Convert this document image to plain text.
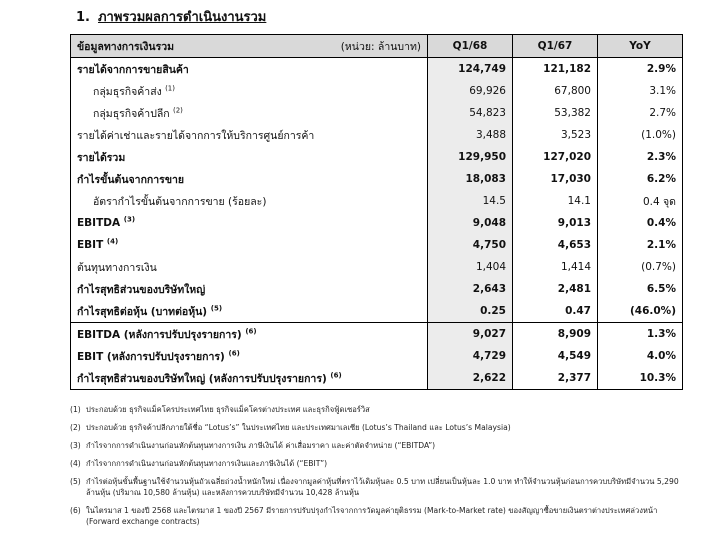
1. ภาพรวมผลการดำเนินงานรวม
ข้อมูลทางการเงินรวม (หน่วย: ล้านบาท)	Q1/68	Q1/67	YoY
รายได้จากการขายสินค้า	124,749	121,182	2.9%
กลุ่มธุรกิจค้าส่ง $^{(1)}$	69,926	67,800	3.1%
กลุ่มธุรกิจค้าปลีก $^{(2)}$	54,823	53,382	2.7%
รายได้ค่าเช่าและรายได้จากการให้บริการศูนย์การค้า	3,488	3,523	(1.0%)
รายได้รวม	129,950	127,020	2.3%
กำไรขั้นต้นจากการขาย	18,083	17,030	6.2%
อัตรากำไรขั้นต้นจากการขาย (ร้อยละ)	14.5	14.1	0.4 จุด
EBITDA $^{(3)}$	9,048	9,013	0.4%
EBIT $^{(4)}$	4,750	4,653	2.1%
ต้นทุนทางการเงิน	1,404	1,414	(0.7%)
กำไรสุทธิส่วนของบริษัทใหญ่	2,643	2,481	6.5%
กำไรสุทธิต่อหุ้น (บาทต่อหุ้น) $^{(5)}$	0.25	0.47	(46.0%)
EBITDA (หลังการปรับปรุงรายการ) $^{(6)}$	9,027	8,909	1.3%
EBIT (หลังการปรับปรุงรายการ) $^{(6)}$	4,729	4,549	4.0%
กำไรสุทธิส่วนของบริษัทใหญ่ (หลังการปรับปรุงรายการ) $^{(6)}$	2,622	2,377	10.3%
(1) ประกอบด้วย ธุรกิจแม็คโครประเทศไทย ธุรกิจแม็คโครต่างประเทศ และธุรกิจฟู้ดเซอร์วิส
(2) ประกอบด้วย ธุรกิจค้าปลีกภายใต้ชื่อ “Lotus’s” ในประเทศไทย และประเทศมาเลเซีย (Lotus’s Thailand และ Lotus’s Malaysia)
(3) กำไรจากการดำเนินงานก่อนหักต้นทุนทางการเงิน ภาษีเงินได้ ค่าเสื่อมราคา และค่าตัดจำหน่าย (“EBITDA”)
(4) กำไรจากการดำเนินงานก่อนหักต้นทุนทางการเงินและภาษีเงินได้ (“EBIT”)
(5) กำไรต่อหุ้นขั้นพื้นฐานใช้จำนวนหุ้นถัวเฉลี่ยถ่วงน้ำหนักใหม่ เนื่องจากมูลค่าหุ้นที่ตราไว้เดิมหุ้นละ 0.5 บาท เปลี่ยนเป็นหุ้นละ 1.0 บาท ทำให้จำนวนหุ้นก่อนการควบบริษัทมีจำนวน 5,290 ล้านหุ้น (ปริมาณ 10,580 ล้านหุ้น) และหลังการควบบริษัทมีจำนวน 10,428 ล้านหุ้น
(6) ในไตรมาส 1 ของปี 2568 และไตรมาส 1 ของปี 2567 มีรายการปรับปรุงกำไรจากการวัดมูลค่ายุติธรรม (Mark-to-Market rate) ของสัญญาซื้อขายเงินตราต่างประเทศล่วงหน้า (Forward exchange contracts)
